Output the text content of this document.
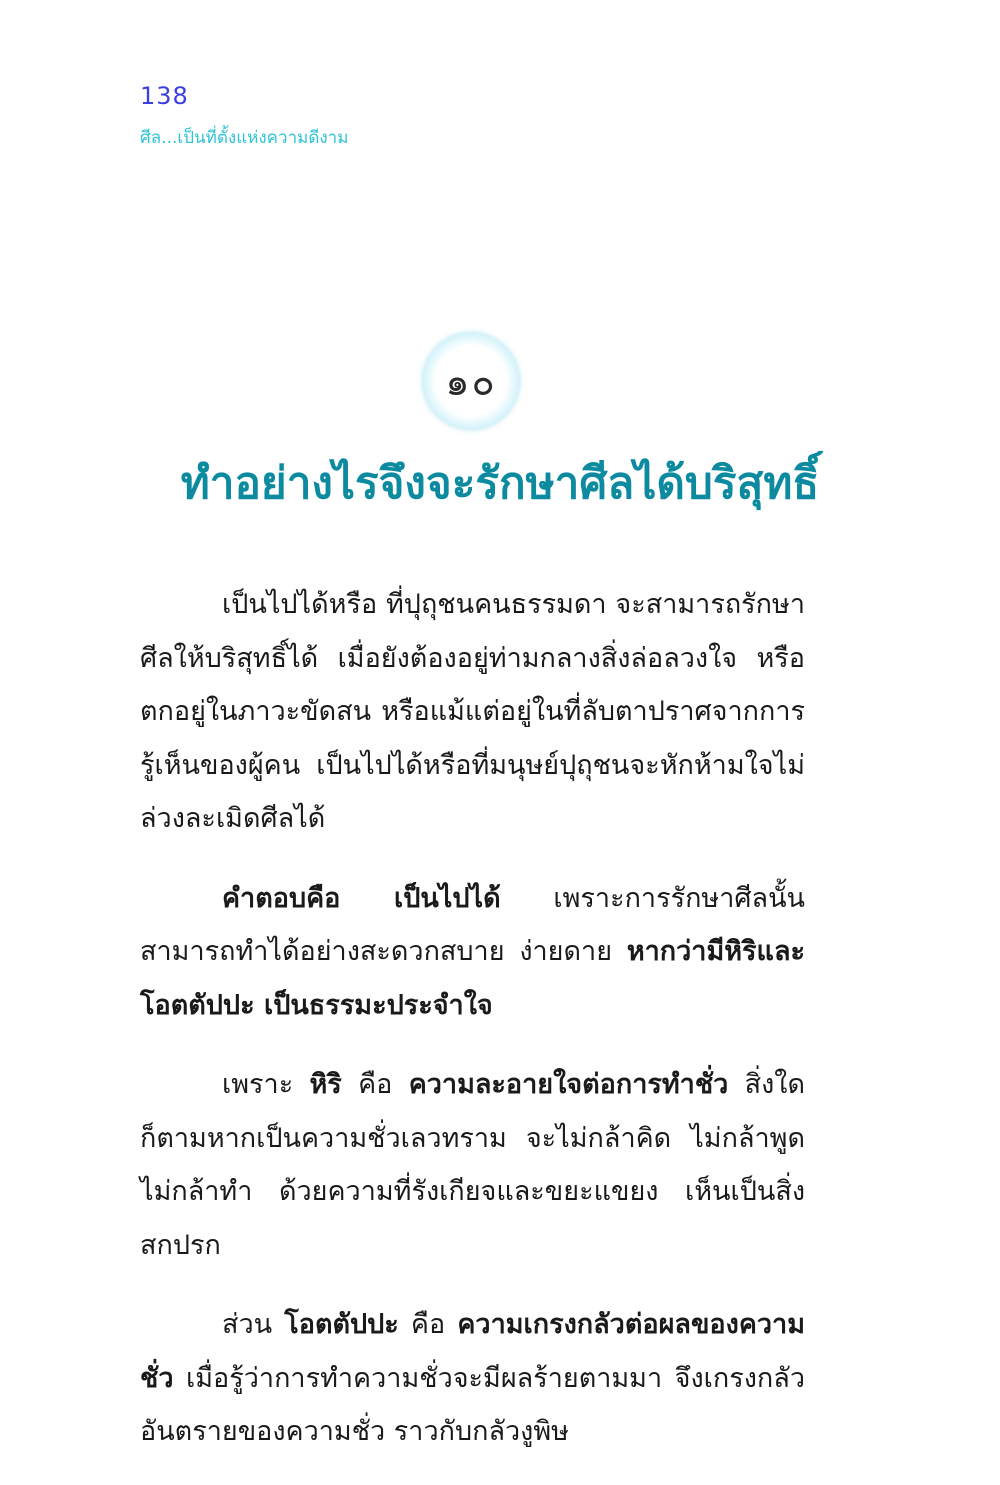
138
ศีล...เป็นที่ตั้งแห่งความดีงาม
๑๐
ทำอย่างไรจึงจะรักษาศีลได้บริสุทธิ์

เป็นไปได้หรือ ที่ปุถุชนคนธรรมดา จะสามารถรักษาศีลให้บริสุทธิ์ได้ เมื่อยังต้องอยู่ท่ามกลางสิ่งล่อลวงใจ หรือตกอยู่ในภาวะขัดสน หรือแม้แต่อยู่ในที่ลับตาปราศจากการรู้เห็นของผู้คน เป็นไปได้หรือที่มนุษย์ปุถุชนจะหักห้ามใจไม่ล่วงละเมิดศีลได้

คำตอบคือ เป็นไปได้ เพราะการรักษาศีลนั้นสามารถทำได้อย่างสะดวกสบาย ง่ายดาย หากว่ามีหิริและโอตตัปปะ เป็นธรรมะประจำใจ

เพราะ หิริ คือ ความละอายใจต่อการทำชั่ว สิ่งใดก็ตามหากเป็นความชั่วเลวทราม จะไม่กล้าคิด ไม่กล้าพูด ไม่กล้าทำ ด้วยความที่รังเกียจและขยะแขยง เห็นเป็นสิ่งสกปรก

ส่วน โอตตัปปะ คือ ความเกรงกลัวต่อผลของความชั่ว เมื่อรู้ว่าการทำความชั่วจะมีผลร้ายตามมา จึงเกรงกลัวอันตรายของความชั่ว ราวกับกลัวงูพิษ
